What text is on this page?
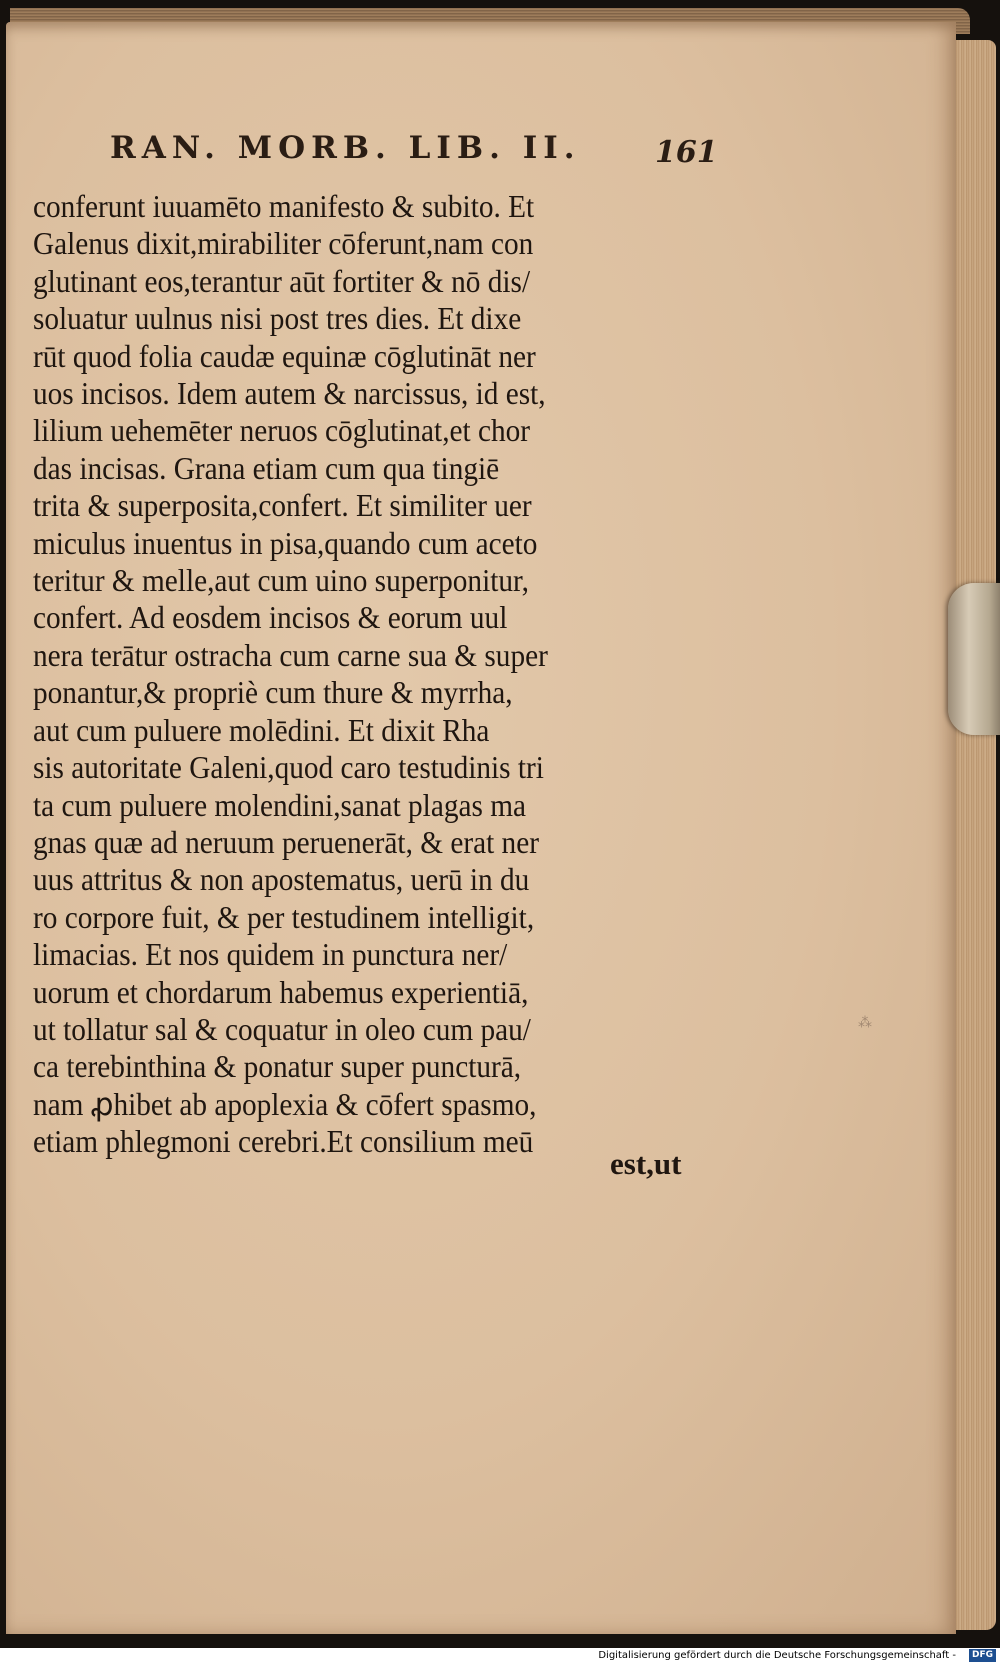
RAN. MORB. LIB. II.	161
conferunt iuuamēto manifesto & subito. Et
Galenus dixit,mirabiliter cōferunt,nam con
glutinant eos,terantur aūt fortiter & nō dis/
soluatur uulnus nisi post tres dies. Et dixe
rūt quod folia caudæ equinæ cōglutināt ner
uos incisos. Idem autem & narcissus, id est,
lilium uehemēter neruos cōglutinat,et chor
das incisas. Grana etiam cum qua tingiē
trita & superposita,confert. Et similiter uer
miculus inuentus in pisa,quando cum aceto
teritur & melle,aut cum uino superponitur,
confert. Ad eosdem incisos & eorum uul
nera terātur ostracha cum carne sua & super
ponantur,& propriè cum thure & myrrha,
aut cum puluere molēdini. Et dixit Rha
sis autoritate Galeni,quod caro testudinis tri
ta cum puluere molendini,sanat plagas ma
gnas quæ ad neruum peruenerāt, & erat ner
uus attritus & non apostematus, uerū in du
ro corpore fuit, & per testudinem intelligit,
limacias. Et nos quidem in punctura ner/
uorum et chordarum habemus experientiā,
ut tollatur sal & coquatur in oleo cum pau/
ca terebinthina & ponatur super puncturā,
nam ꝓhibet ab apoplexia & cōfert spasmo,
etiam phlegmoni cerebri.Et consilium meū
est,ut
⁂
Digitalisierung gefördert durch die Deutsche Forschungsgemeinschaft -	DFG
